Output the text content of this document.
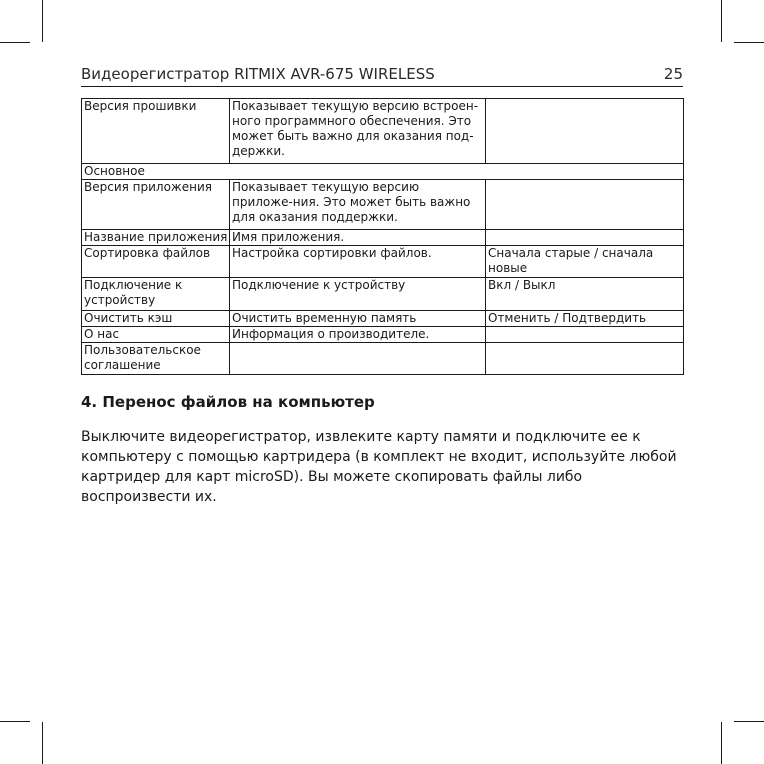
Видеорегистратор RITMIX AVR-675 WIRELESS	25
Версия прошивки	Показывает текущую версию встроен-ного программного обеспечения. Это может быть важно для оказания под-держки.	
Основное		
Версия приложения	Показывает текущую версию приложе-ния. Это может быть важно для оказания поддержки.	
Название приложения	Имя приложения.	
Сортировка файлов	Настройка сортировки файлов.	Сначала старые / сначала новые
Подключение к устройству	Подключение к устройству	Вкл / Выкл
Очистить кэш	Очистить временную память	Отменить / Подтвердить
О нас	Информация о производителе.	
Пользовательское соглашение		
4. Перенос файлов на компьютер

Выключите видеорегистратор, извлеките карту памяти и подключите ее к компьютеру с помощью картридера (в комплект не входит, используйте любой картридер для карт microSD). Вы можете скопировать файлы либо воспроизвести их.
